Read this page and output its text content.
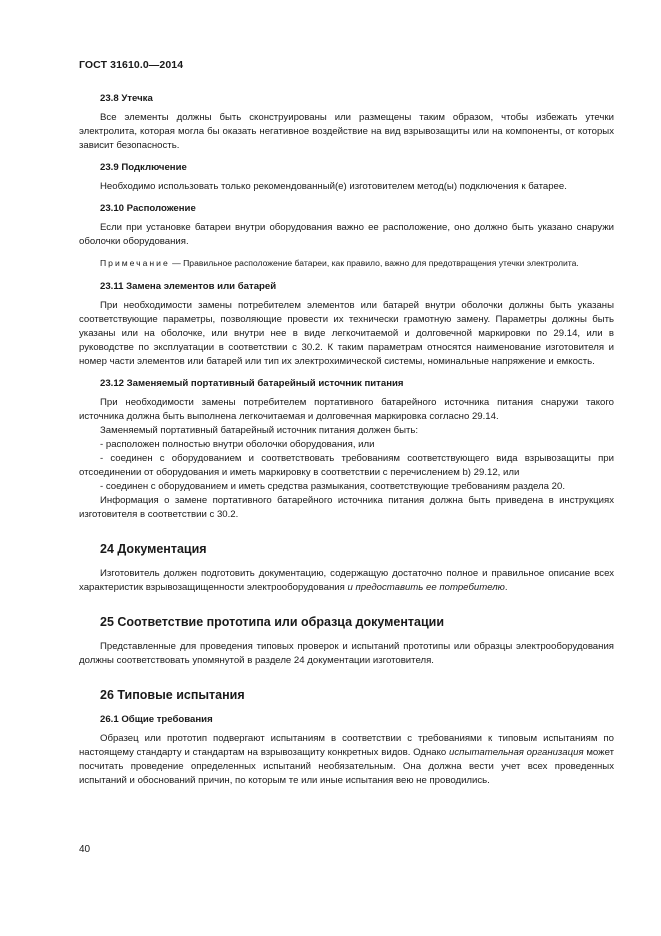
ГОСТ 31610.0—2014
23.8 Утечка
Все элементы должны быть сконструированы или размещены таким образом, чтобы избежать утечки электролита, которая могла бы оказать негативное воздействие на вид взрывозащиты или на компоненты, от которых зависит безопасность.
23.9 Подключение
Необходимо использовать только рекомендованный(е) изготовителем метод(ы) подключения к батарее.
23.10 Расположение
Если при установке батареи внутри оборудования важно ее расположение, оно должно быть указано снаружи оболочки оборудования.
Примечание — Правильное расположение батареи, как правило, важно для предотвращения утечки электролита.
23.11 Замена элементов или батарей
При необходимости замены потребителем элементов или батарей внутри оболочки должны быть указаны соответствующие параметры, позволяющие провести их технически грамотную замену. Параметры должны быть указаны или на оболочке, или внутри нее в виде легкочитаемой и долговечной маркировки по 29.14, или в руководстве по эксплуатации в соответствии с 30.2. К таким параметрам относятся наименование изготовителя и номер части элементов или батарей или тип их электрохимической системы, номинальные напряжение и емкость.
23.12 Заменяемый портативный батарейный источник питания
При необходимости замены потребителем портативного батарейного источника питания снаружи такого источника должна быть выполнена легкочитаемая и долговечная маркировка согласно 29.14.
Заменяемый портативный батарейный источник питания должен быть:
- расположен полностью внутри оболочки оборудования, или
- соединен с оборудованием и соответствовать требованиям соответствующего вида взрывозащиты при отсоединении от оборудования и иметь маркировку в соответствии с перечислением b) 29.12, или
- соединен с оборудованием и иметь средства размыкания, соответствующие требованиям раздела 20.
Информация о замене портативного батарейного источника питания должна быть приведена в инструкциях изготовителя в соответствии с 30.2.
24 Документация
Изготовитель должен подготовить документацию, содержащую достаточно полное и правильное описание всех характеристик взрывозащищенности электрооборудования и предоставить ее потребителю.
25 Соответствие прототипа или образца документации
Представленные для проведения типовых проверок и испытаний прототипы или образцы электрооборудования должны соответствовать упомянутой в разделе 24 документации изготовителя.
26 Типовые испытания
26.1 Общие требования
Образец или прототип подвергают испытаниям в соответствии с требованиями к типовым испытаниям по настоящему стандарту и стандартам на взрывозащиту конкретных видов. Однако испытательная организация может посчитать проведение определенных испытаний необязательным. Она должна вести учет всех проведенных испытаний и обоснований причин, по которым те или иные испытания вею не проводились.
40
